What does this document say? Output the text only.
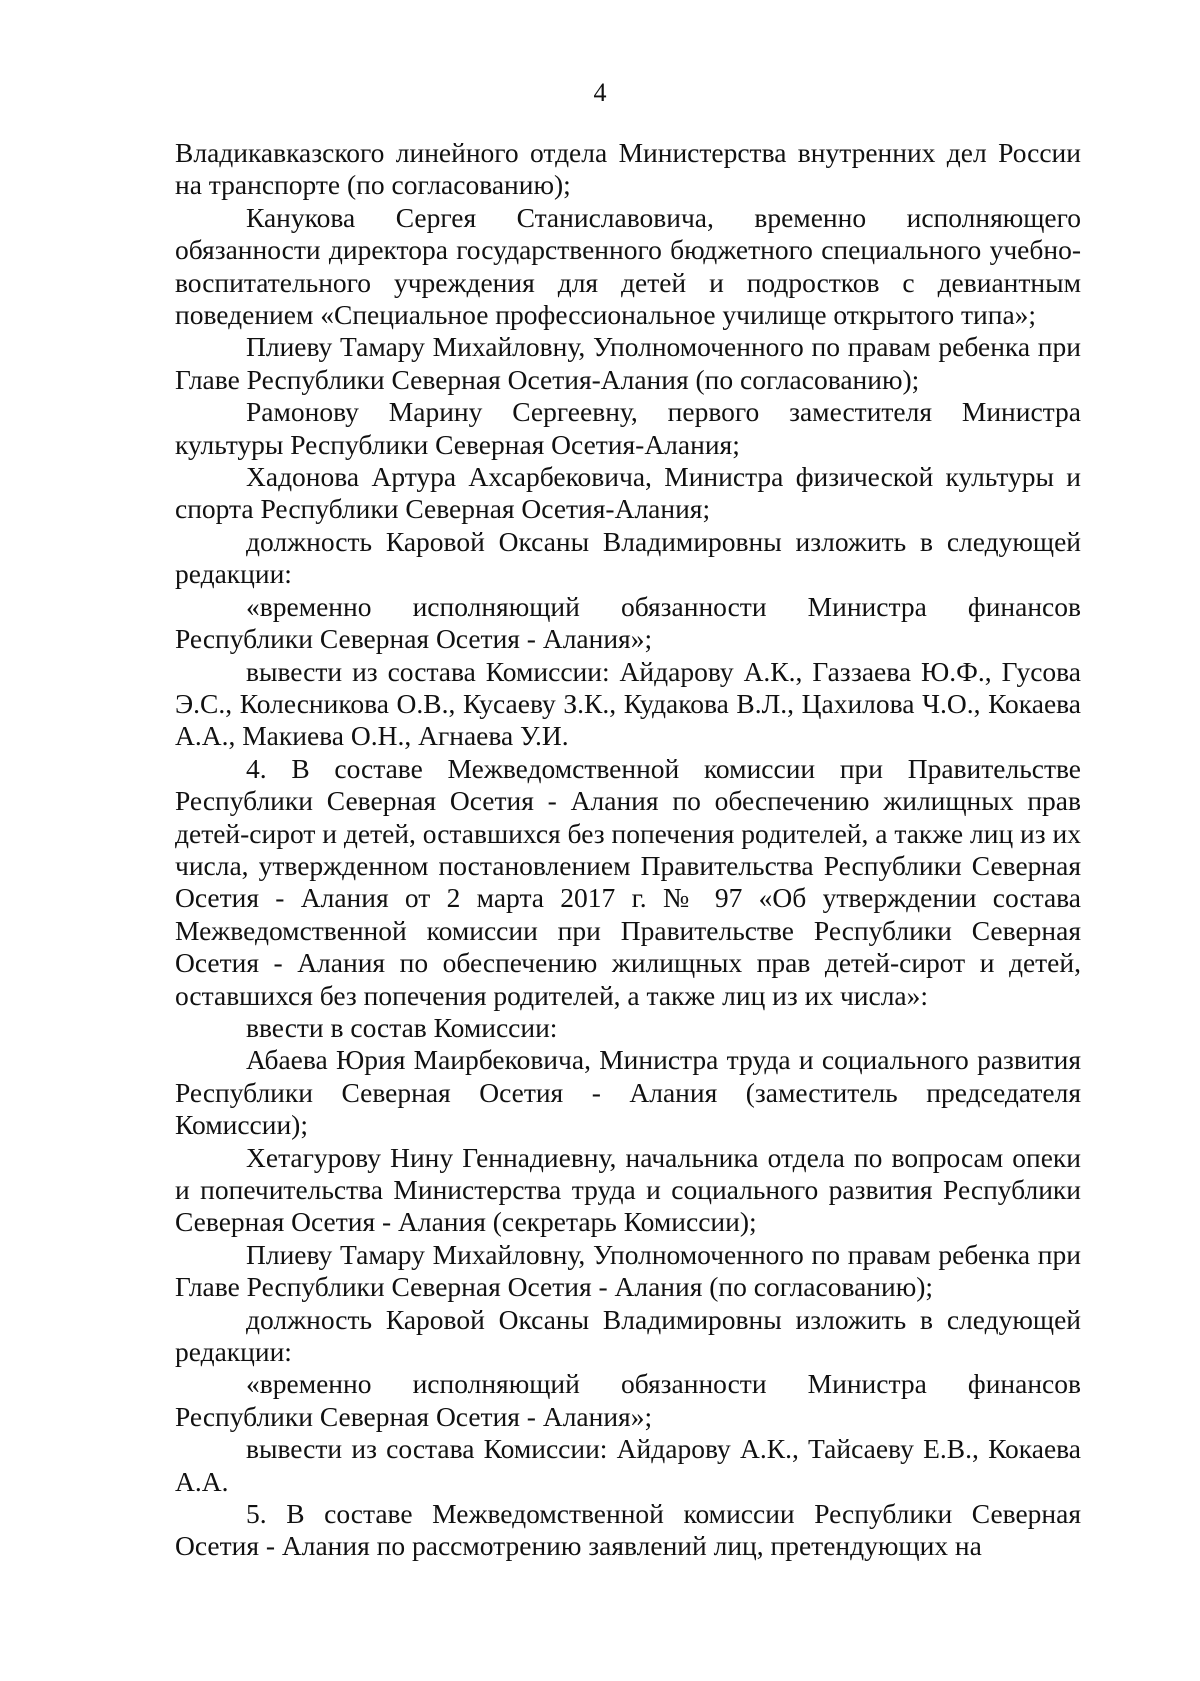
4

Владикавказского линейного отдела Министерства внутренних дел России на транспорте (по согласованию);

Канукова Сергея Станиславовича, временно исполняющего обязанности директора государственного бюджетного специального учебно-воспитательного учреждения для детей и подростков с девиантным поведением «Специальное профессиональное училище открытого типа»;

Плиеву Тамару Михайловну, Уполномоченного по правам ребенка при Главе Республики Северная Осетия-Алания (по согласованию);

Рамонову Марину Сергеевну, первого заместителя Министра культуры Республики Северная Осетия-Алания;

Хадонова Артура Ахсарбековича, Министра физической культуры и спорта Республики Северная Осетия-Алания;

должность Каровой Оксаны Владимировны изложить в следующей редакции:

«временно исполняющий обязанности Министра финансов Республики Северная Осетия - Алания»;

вывести из состава Комиссии: Айдарову А.К., Газзаева Ю.Ф., Гусова Э.С., Колесникова О.В., Кусаеву З.К., Кудакова В.Л., Цахилова Ч.О., Кокаева А.А., Макиева О.Н., Агнаева У.И.

4. В составе Межведомственной комиссии при Правительстве Республики Северная Осетия - Алания по обеспечению жилищных прав детей-сирот и детей, оставшихся без попечения родителей, а также лиц из их числа, утвержденном постановлением Правительства Республики Северная Осетия - Алания от 2 марта 2017 г. № 97 «Об утверждении состава Межведомственной комиссии при Правительстве Республики Северная Осетия - Алания по обеспечению жилищных прав детей-сирот и детей, оставшихся без попечения родителей, а также лиц из их числа»:

ввести в состав Комиссии:

Абаева Юрия Маирбековича, Министра труда и социального развития Республики Северная Осетия - Алания (заместитель председателя Комиссии);

Хетагурову Нину Геннадиевну, начальника отдела по вопросам опеки и попечительства Министерства труда и социального развития Республики Северная Осетия - Алания (секретарь Комиссии);

Плиеву Тамару Михайловну, Уполномоченного по правам ребенка при Главе Республики Северная Осетия - Алания (по согласованию);

должность Каровой Оксаны Владимировны изложить в следующей редакции:

«временно исполняющий обязанности Министра финансов Республики Северная Осетия - Алания»;

вывести из состава Комиссии: Айдарову А.К., Тайсаеву Е.В., Кокаева А.А.

5. В составе Межведомственной комиссии Республики Северная Осетия - Алания по рассмотрению заявлений лиц, претендующих на
